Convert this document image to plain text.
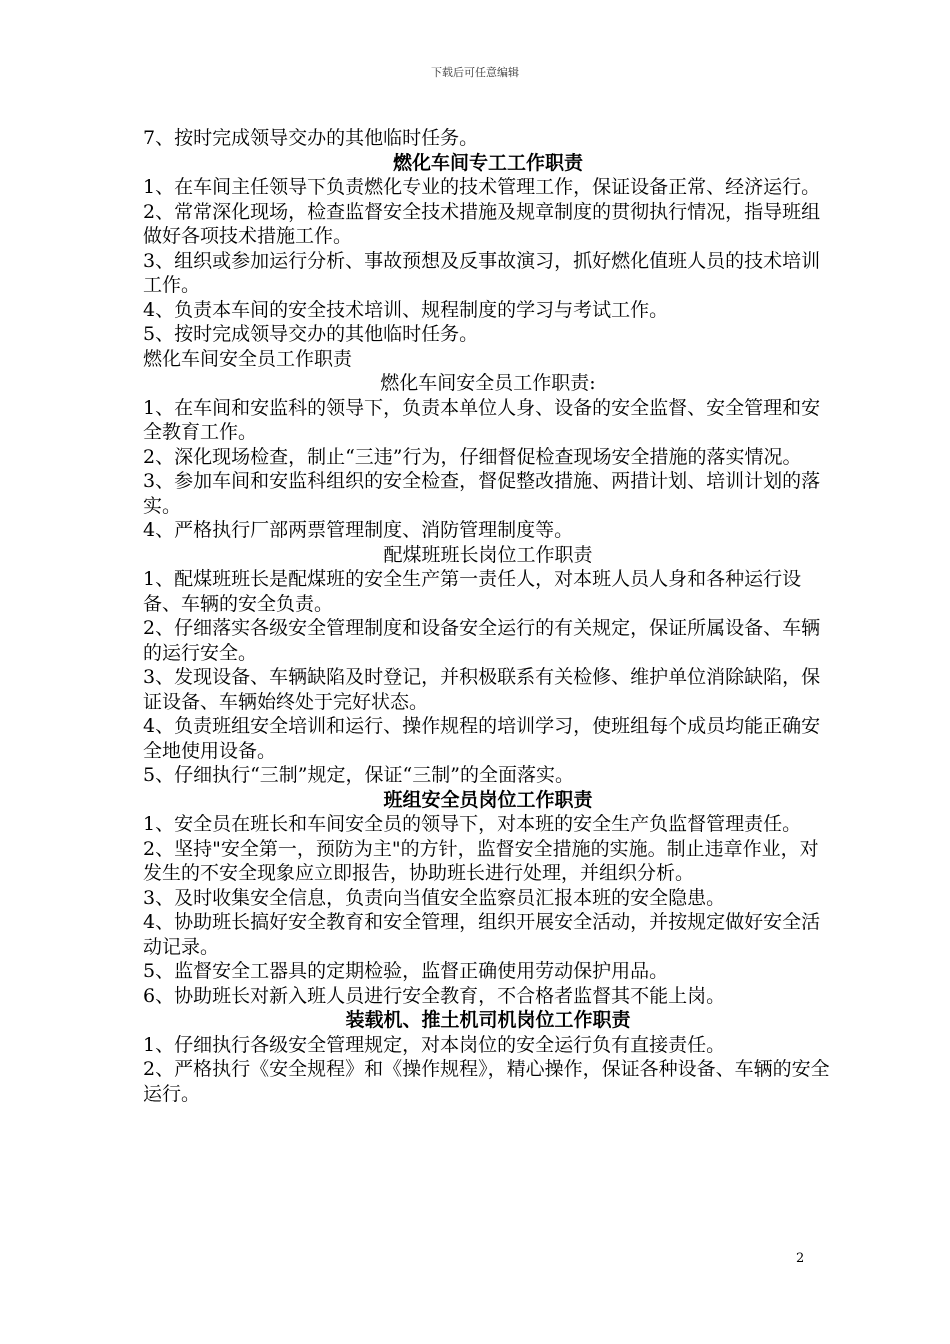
下载后可任意编辑

7、按时完成领导交办的其他临时任务。

燃化车间专工工作职责

1、在车间主任领导下负责燃化专业的技术管理工作，保证设备正常、经济运行。

2、常常深化现场，检查监督安全技术措施及规章制度的贯彻执行情况，指导班组做好各项技术措施工作。

3、组织或参加运行分析、事故预想及反事故演习，抓好燃化值班人员的技术培训工作。

4、负责本车间的安全技术培训、规程制度的学习与考试工作。

5、按时完成领导交办的其他临时任务。

燃化车间安全员工作职责

燃化车间安全员工作职责:

1、在车间和安监科的领导下，负责本单位人身、设备的安全监督、安全管理和安全教育工作。

2、深化现场检查，制止“三违”行为，仔细督促检查现场安全措施的落实情况。

3、参加车间和安监科组织的安全检查，督促整改措施、两措计划、培训计划的落实。

4、严格执行厂部两票管理制度、消防管理制度等。

配煤班班长岗位工作职责

1、配煤班班长是配煤班的安全生产第一责任人，对本班人员人身和各种运行设备、车辆的安全负责。

2、仔细落实各级安全管理制度和设备安全运行的有关规定，保证所属设备、车辆的运行安全。

3、发现设备、车辆缺陷及时登记，并积极联系有关检修、维护单位消除缺陷，保证设备、车辆始终处于完好状态。

4、负责班组安全培训和运行、操作规程的培训学习，使班组每个成员均能正确安全地使用设备。

5、仔细执行“三制”规定，保证“三制”的全面落实。

班组安全员岗位工作职责

1、安全员在班长和车间安全员的领导下，对本班的安全生产负监督管理责任。

2、坚持"安全第一，预防为主"的方针，监督安全措施的实施。制止违章作业，对发生的不安全现象应立即报告，协助班长进行处理，并组织分析。

3、及时收集安全信息，负责向当值安全监察员汇报本班的安全隐患。

4、协助班长搞好安全教育和安全管理，组织开展安全活动，并按规定做好安全活动记录。

5、监督安全工器具的定期检验，监督正确使用劳动保护用品。

6、协助班长对新入班人员进行安全教育，不合格者监督其不能上岗。

装载机、推土机司机岗位工作职责

1、仔细执行各级安全管理规定，对本岗位的安全运行负有直接责任。

2、严格执行《安全规程》和《操作规程》，精心操作，保证各种设备、车辆的安全运行。

2
